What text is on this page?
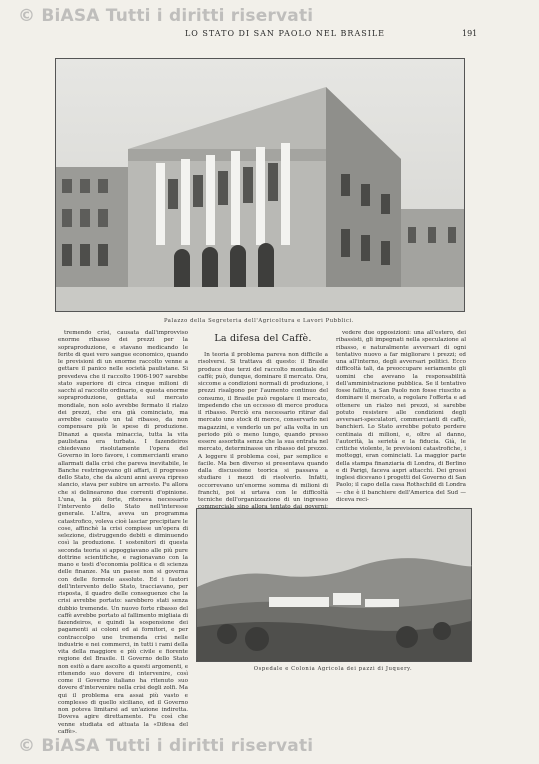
© BiASA Tutti i diritti riservati
LO STATO DI SAN PAOLO NEL BRASILE	191
Palazzo della Segreteria dell'Agricoltura e Lavori Pubblici.

tremendo crisi, causata dall'improvviso enorme ribasso dei prezzi per la sopraproduzione, e stavano medicando le ferite di quei vero sangue economico, quando le previsioni di un enorme raccolto venne a gettare il panico nelle società paulistane. Si prevedeva che il raccolto 1906-1907 sarebbe stato superiore di circa cinque milioni di sacchi al raccolto ordinario, e questa enorme sopraproduzione, gettata sul mercato mondiale, non solo avrebbe fermato il rialzo dei prezzi, che era già cominciato, ma avrebbe causato un tal ribasso, da non compensare più le spese di produzione. Dinanzi a questa minaccia, tutta la vita paulistana era turbata. I fazendeiros chiedevano risolutamente l'opera del Governo in loro favore, i commercianti erano allarmati dalla crisi che pareva inevitabile, le Banche restringevano gli affari, il progresso dello Stato, che da alcuni anni aveva ripreso slancio, stava per subire un arresto. Fu allora che si delinearono due correnti d'opinione. L'una, la più forte, riteneva necessario l'intervento dello Stato nell'interesse generale. L'altra, aveva un programma catastrofico, voleva cioè lasciar precipitare le cose, affinchè la crisi compisse un'opera di selezione, distruggendo debiti e diminuendo così la produzione. I sostenitori di questa seconda teoria si appoggiavano alle più pure dottrine scientifiche, e ragionavano con la mano e testi d'economia politica e di scienza delle finanze. Ma un paese non si governa con delle formole assolute. Ed i fautori dell'intervento dello Stato, tracciavano, per risposta, il quadro delle conseguenze che la crisi avrebbe portato: sarebbero stati senza dubbio tremende. Un nuovo forte ribasso del caffè avrebbe portato al fallimento migliaia di fazendeiros, e quindi la sospensione dei pagamenti ai coloni ed ai fornitori, e per contraccolpo une tremenda crisi nelle industrie e nei commerci, in tutti i rami della vita della maggiore e più civile e fiorente regione del Brasile. Il Governo dello Stato non esitò a dare ascolto a questi argomenti, e ritenendo suo dovere di intervenire, così come il Governo italiano ha ritenuto suo dovere d'intervenire nella crisi degli zolfi. Ma qui il problema era assai più vasto e complesso di quello siciliano, ed il Governo non poteva limitarsi ad un'azione indiretta. Doveva agire direttamente. Fu così che venne studiata ed attuata la «Difesa del caffè».

La difesa del Caffè.

In teoria il problema pareva non difficile a risolversi. Si trattava di questo: il Brasile produce due terzi del raccolto mondiale del caffè; può, dunque, dominare il mercato. Ora, siccome a condizioni normali di produzione, i prezzi risalgono per l'aumento continuo del consumo, il Brasile può regolare il mercato, impedendo che un eccesso di merce produca il ribasso. Perciò era necessario ritirar dal mercato uno stock di merce, conservarlo nei magazzini, e venderlo un po' alla volta in un periodo più o meno lungo, quando presso essere assorbita senza che la sua entrata nel mercato, determinasse un ribasso del prezzo. A leggere il problema così, par semplice e facile. Ma ben diverso si presentava quando dalla discussione teorica si passava a studiare i mezzi di risolverlo. Infatti, occorrevano un'enorme somma di milioni di franchi, poi si urtava con le difficoltà tecniche dell'organizzazione di un ingresso

vedere due opposizioni: una all'estero, dei ribassisti, gli impegnati nella speculazione al ribasso, e naturalmente avversari di ogni tentativo nuovo a far migliorare i prezzi; ed una all'interno, degli avversari politici. Ecco difficoltà tali, da preoccupare seriamente gli uomini che avevano la responsabilità dell'amministrazione pubblica. Se il tentativo fosse fallito, a San Paolo non fosse riuscito a dominare il mercato, a regolare l'offerta e ad ottenere un rialzo nei prezzi, si sarebbe potuto resistere alle condizioni degli avversari-speculatori, commercianti di caffè, banchieri. Lo Stato avrebbe potuto perdere centinaia di milioni, e, oltre al danno, l'autorità, la serietà e la fiducia. Già, le critiche violente, le previsioni catastrofiche, i motteggi, eran cominciati. La maggior parte della stampa finanziaria di Londra, di Berlino e di Parigi, faceva aspri attacchi. Dei grossi inglesi dicevano i progetti del Governo di San Paolo; il capo della casa Rothschild di Londra — che è il banchiere dell'America del Sud — diceva reci-

Ospedale e Colonia Agricola dei pazzi di Juquery.
© BiASA Tutti i diritti riservati
